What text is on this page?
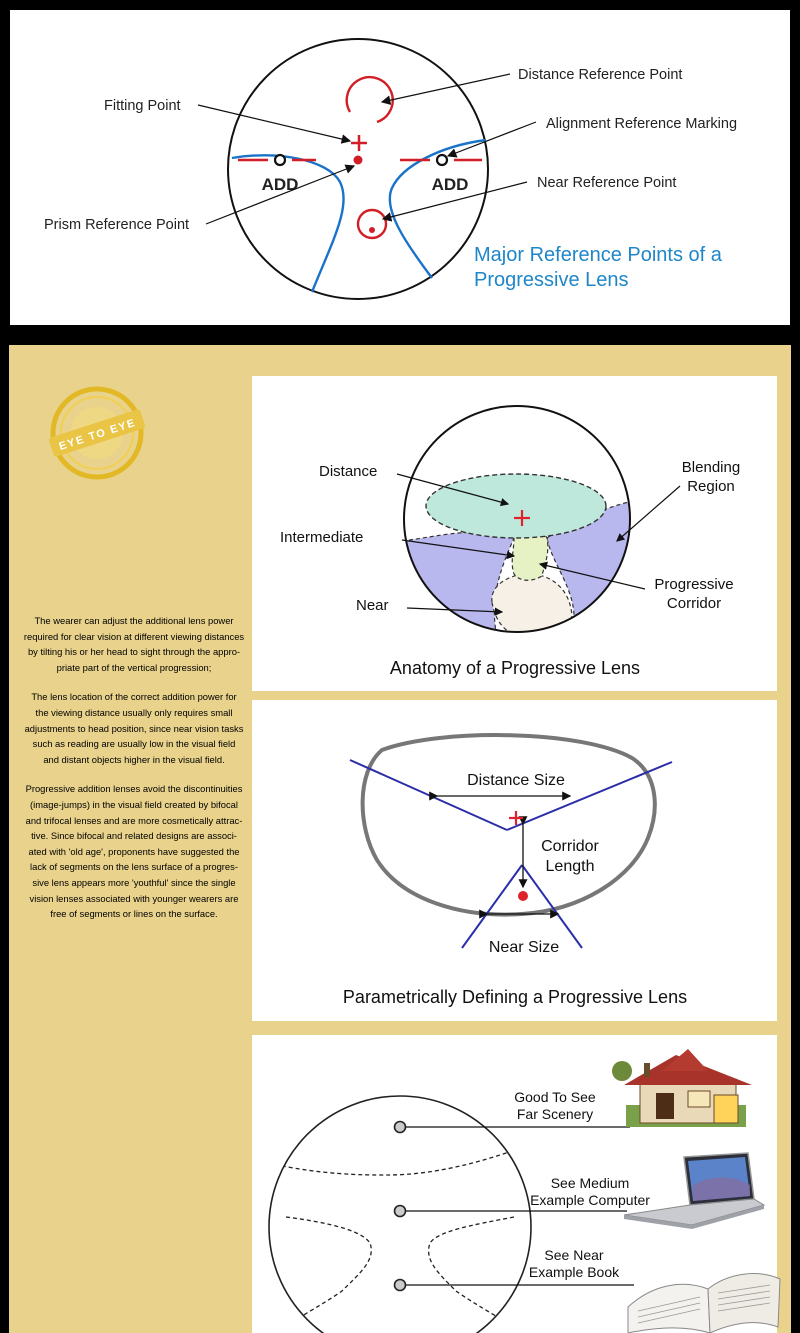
ADD	ADD
Distance Reference Point
Fitting Point
Alignment Reference Marking
Near Reference Point
Prism Reference Point
Major Reference Points of a
Progressive Lens
EYE TO EYE

The wearer can adjust the additional lens power
required for clear vision at different viewing distances
by tilting his or her head to sight through the appro-
priate part of the vertical progression;

The lens location of the correct addition power for
the viewing distance usually only requires small
adjustments to head position, since near vision tasks
such as reading are usually low in the visual field
and distant objects higher in the visual field.

Progressive addition lenses avoid the discontinuities
(image-jumps) in the visual field created by bifocal
and trifocal lenses and are more cosmetically attrac-
tive. Since bifocal and related designs are associ-
ated with 'old age', proponents have suggested the
lack of segments on the lens surface of a progres-
sive lens appears more 'youthful' since the single
vision lenses associated with younger wearers are
free of segments or lines on the surface.

Distance
Intermediate
Near
Blending
Region
Progressive
Corridor
Anatomy of a Progressive Lens
Distance Size
Corridor
Length
Near Size
Parametrically Defining a Progressive Lens
Good To See
Far Scenery
See Medium
Example Computer
See Near
Example Book
